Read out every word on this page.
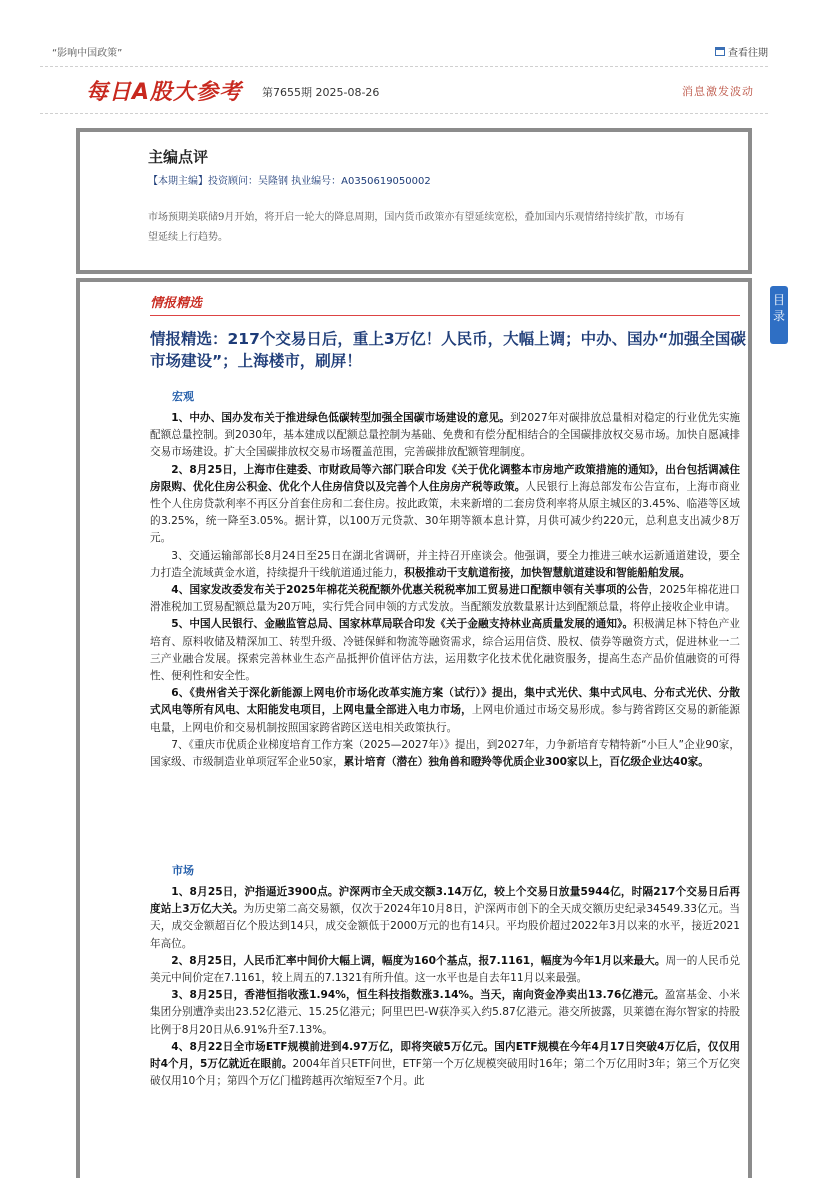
“影响中国政策”	查看往期
每日A股大参考 第7655期 2025-08-26	消息激发波动
主编点评
【本期主编】投资顾问：吴隆钢 执业编号：A0350619050002
市场预期美联储9月开始，将开启一轮大的降息周期，国内货币政策亦有望延续宽松，叠加国内乐观情绪持续扩散，市场有望延续上行趋势。
情报精选
情报精选：217个交易日后，重上3万亿！人民币，大幅上调；中办、国办“加强全国碳市场建设”；上海楼市，刷屏！
宏观

1、中办、国办发布关于推进绿色低碳转型加强全国碳市场建设的意见。到2027年对碳排放总量相对稳定的行业优先实施配额总量控制。到2030年，基本建成以配额总量控制为基础、免费和有偿分配相结合的全国碳排放权交易市场。加快自愿减排交易市场建设。扩大全国碳排放权交易市场覆盖范围，完善碳排放配额管理制度。

2、8月25日，上海市住建委、市财政局等六部门联合印发《关于优化调整本市房地产政策措施的通知》，出台包括调减住房限购、优化住房公积金、优化个人住房信贷以及完善个人住房房产税等政策。人民银行上海总部发布公告宣布，上海市商业性个人住房贷款利率不再区分首套住房和二套住房。按此政策，未来新增的二套房贷利率将从原主城区的3.45%、临港等区域的3.25%，统一降至3.05%。据计算，以100万元贷款、30年期等额本息计算，月供可减少约220元，总利息支出减少8万元。

3、交通运输部部长8月24日至25日在湖北省调研，并主持召开座谈会。他强调，要全力推进三峡水运新通道建设，要全力打造全流域黄金水道，持续提升干线航道通过能力，积极推动干支航道衔接，加快智慧航道建设和智能船舶发展。

4、国家发改委发布关于2025年棉花关税配额外优惠关税税率加工贸易进口配额申领有关事项的公告，2025年棉花进口滑准税加工贸易配额总量为20万吨，实行凭合同申领的方式发放。当配额发放数量累计达到配额总量，将停止接收企业申请。

5、中国人民银行、金融监管总局、国家林草局联合印发《关于金融支持林业高质量发展的通知》。积极满足林下特色产业培育、原料收储及精深加工、转型升级、冷链保鲜和物流等融资需求，综合运用信贷、股权、债券等融资方式，促进林业一二三产业融合发展。探索完善林业生态产品抵押价值评估方法，运用数字化技术优化融资服务，提高生态产品价值融资的可得性、便利性和安全性。

6、《贵州省关于深化新能源上网电价市场化改革实施方案（试行）》提出，集中式光伏、集中式风电、分布式光伏、分散式风电等所有风电、太阳能发电项目，上网电量全部进入电力市场，上网电价通过市场交易形成。参与跨省跨区交易的新能源电量，上网电价和交易机制按照国家跨省跨区送电相关政策执行。

7、《重庆市优质企业梯度培育工作方案（2025—2027年）》提出，到2027年，力争新培育专精特新“小巨人”企业90家，国家级、市级制造业单项冠军企业50家，累计培育（潜在）独角兽和瞪羚等优质企业300家以上，百亿级企业达40家。

市场

1、8月25日，沪指逼近3900点。沪深两市全天成交额3.14万亿，较上个交易日放量5944亿，时隔217个交易日后再度站上3万亿大关。为历史第二高交易额，仅次于2024年10月8日，沪深两市创下的全天成交额历史纪录34549.33亿元。当天，成交金额超百亿个股达到14只，成交金额低于2000万元的也有14只。平均股价超过2022年3月以来的水平，接近2021年高位。

2、8月25日，人民币汇率中间价大幅上调，幅度为160个基点，报7.1161，幅度为今年1月以来最大。周一的人民币兑美元中间价定在7.1161，较上周五的7.1321有所升值。这一水平也是自去年11月以来最强。

3、8月25日，香港恒指收涨1.94%，恒生科技指数涨3.14%。当天，南向资金净卖出13.76亿港元。盈富基金、小米集团分别遭净卖出23.52亿港元、15.25亿港元；阿里巴巴-W获净买入约5.87亿港元。港交所披露，贝莱德在海尔智家的持股比例于8月20日从6.91%升至7.13%。

4、8月22日全市场ETF规模前进到4.97万亿，即将突破5万亿元。国内ETF规模在今年4月17日突破4万亿后，仅仅用时4个月，5万亿就近在眼前。2004年首只ETF问世，ETF第一个万亿规模突破用时16年；第二个万亿用时3年；第三个万亿突破仅用10个月；第四个万亿门槛跨越再次缩短至7个月。此

目录
